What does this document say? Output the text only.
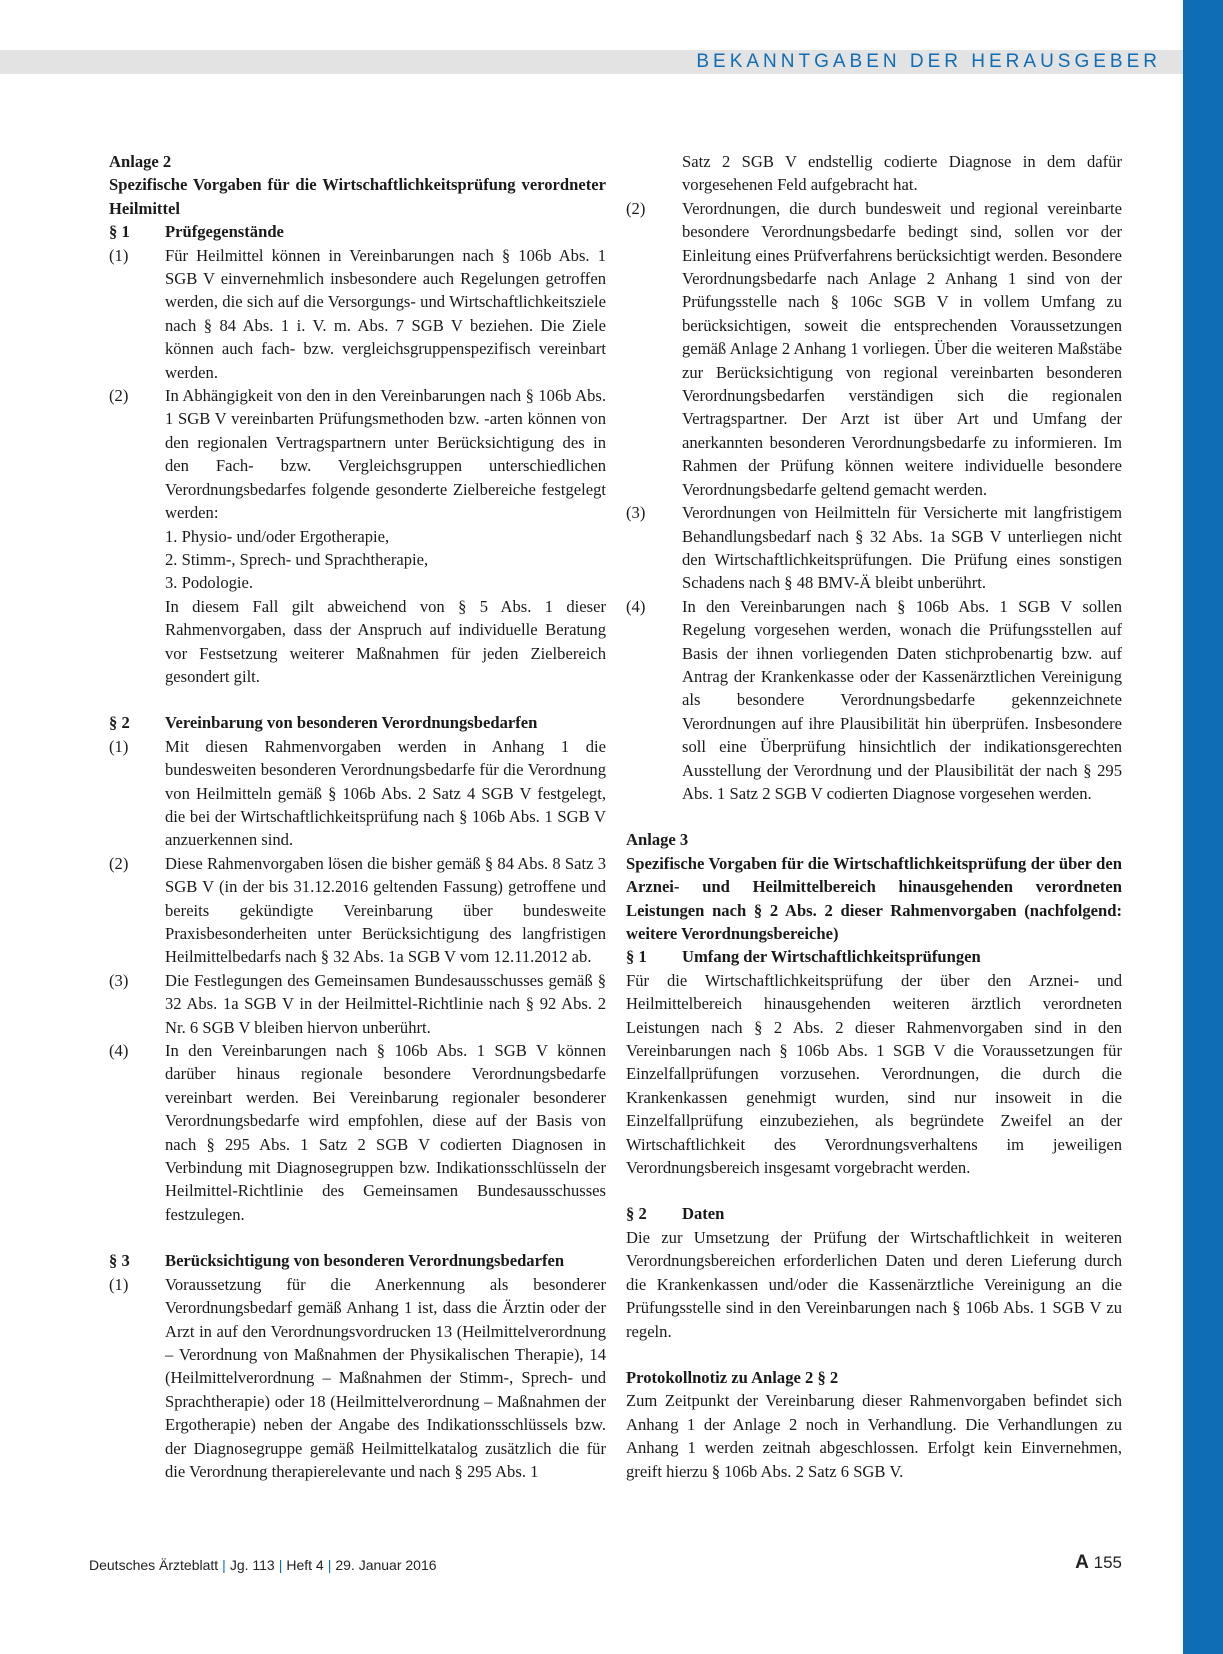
BEKANNTGABEN DER HERAUSGEBER
Anlage 2
Spezifische Vorgaben für die Wirtschaftlichkeitsprüfung verordneter Heilmittel
§ 1	Prüfgegenstände
(1)	Für Heilmittel können in Vereinbarungen nach § 106b Abs. 1 SGB V einvernehmlich insbesondere auch Regelungen getroffen werden, die sich auf die Versorgungs- und Wirtschaftlichkeitsziele nach § 84 Abs. 1 i. V. m. Abs. 7 SGB V beziehen. Die Ziele können auch fach- bzw. vergleichsgruppenspezifisch vereinbart werden.
(2)	In Abhängigkeit von den in den Vereinbarungen nach § 106b Abs. 1 SGB V vereinbarten Prüfungsmethoden bzw. -arten können von den regionalen Vertragspartnern unter Berücksichtigung des in den Fach- bzw. Vergleichsgruppen unterschiedlichen Verordnungsbedarfes folgende gesonderte Zielbereiche festgelegt werden:
1. Physio- und/oder Ergotherapie,
2. Stimm-, Sprech- und Sprachtherapie,
3. Podologie.
In diesem Fall gilt abweichend von § 5 Abs. 1 dieser Rahmenvorgaben, dass der Anspruch auf individuelle Beratung vor Festsetzung weiterer Maßnahmen für jeden Zielbereich gesondert gilt.
§ 2	Vereinbarung von besonderen Verordnungsbedarfen
(1)	Mit diesen Rahmenvorgaben werden in Anhang 1 die bundesweiten besonderen Verordnungsbedarfe für die Verordnung von Heilmitteln gemäß § 106b Abs. 2 Satz 4 SGB V festgelegt, die bei der Wirtschaftlichkeitsprüfung nach § 106b Abs. 1 SGB V anzuerkennen sind.
(2)	Diese Rahmenvorgaben lösen die bisher gemäß § 84 Abs. 8 Satz 3 SGB V (in der bis 31.12.2016 geltenden Fassung) getroffene und bereits gekündigte Vereinbarung über bundesweite Praxisbesonderheiten unter Berücksichtigung des langfristigen Heilmittelbedarfs nach § 32 Abs. 1a SGB V vom 12.11.2012 ab.
(3)	Die Festlegungen des Gemeinsamen Bundesausschusses gemäß § 32 Abs. 1a SGB V in der Heilmittel-Richtlinie nach § 92 Abs. 2 Nr. 6 SGB V bleiben hiervon unberührt.
(4)	In den Vereinbarungen nach § 106b Abs. 1 SGB V können darüber hinaus regionale besondere Verordnungsbedarfe vereinbart werden. Bei Vereinbarung regionaler besonderer Verordnungsbedarfe wird empfohlen, diese auf der Basis von nach § 295 Abs. 1 Satz 2 SGB V codierten Diagnosen in Verbindung mit Diagnosegruppen bzw. Indikationsschlüsseln der Heilmittel-Richtlinie des Gemeinsamen Bundesausschusses festzulegen.
§ 3	Berücksichtigung von besonderen Verordnungsbedarfen
(1)	Voraussetzung für die Anerkennung als besonderer Verordnungsbedarf gemäß Anhang 1 ist, dass die Ärztin oder der Arzt in auf den Verordnungsvordrucken 13 (Heilmittelverordnung – Verordnung von Maßnahmen der Physikalischen Therapie), 14 (Heilmittelverordnung – Maßnahmen der Stimm-, Sprech- und Sprachtherapie) oder 18 (Heilmittelverordnung – Maßnahmen der Ergotherapie) neben der Angabe des Indikationsschlüssels bzw. der Diagnosegruppe gemäß Heilmittelkatalog zusätzlich die für die Verordnung therapierelevante und nach § 295 Abs. 1
Satz 2 SGB V endstellig codierte Diagnose in dem dafür vorgesehenen Feld aufgebracht hat.
(2)	Verordnungen, die durch bundesweit und regional vereinbarte besondere Verordnungsbedarfe bedingt sind, sollen vor der Einleitung eines Prüfverfahrens berücksichtigt werden. Besondere Verordnungsbedarfe nach Anlage 2 Anhang 1 sind von der Prüfungsstelle nach § 106c SGB V in vollem Umfang zu berücksichtigen, soweit die entsprechenden Voraussetzungen gemäß Anlage 2 Anhang 1 vorliegen. Über die weiteren Maßstäbe zur Berücksichtigung von regional vereinbarten besonderen Verordnungsbedarfen verständigen sich die regionalen Vertragspartner. Der Arzt ist über Art und Umfang der anerkannten besonderen Verordnungsbedarfe zu informieren. Im Rahmen der Prüfung können weitere individuelle besondere Verordnungsbedarfe geltend gemacht werden.
(3)	Verordnungen von Heilmitteln für Versicherte mit langfristigem Behandlungsbedarf nach § 32 Abs. 1a SGB V unterliegen nicht den Wirtschaftlichkeitsprüfungen. Die Prüfung eines sonstigen Schadens nach § 48 BMV-Ä bleibt unberührt.
(4)	In den Vereinbarungen nach § 106b Abs. 1 SGB V sollen Regelung vorgesehen werden, wonach die Prüfungsstellen auf Basis der ihnen vorliegenden Daten stichprobenartig bzw. auf Antrag der Krankenkasse oder der Kassenärztlichen Vereinigung als besondere Verordnungsbedarfe gekennzeichnete Verordnungen auf ihre Plausibilität hin überprüfen. Insbesondere soll eine Überprüfung hinsichtlich der indikationsgerechten Ausstellung der Verordnung und der Plausibilität der nach § 295 Abs. 1 Satz 2 SGB V codierten Diagnose vorgesehen werden.
Anlage 3
Spezifische Vorgaben für die Wirtschaftlichkeitsprüfung der über den Arznei- und Heilmittelbereich hinausgehenden verordneten Leistungen nach § 2 Abs. 2 dieser Rahmenvorgaben (nachfolgend: weitere Verordnungsbereiche)
§ 1	Umfang der Wirtschaftlichkeitsprüfungen
Für die Wirtschaftlichkeitsprüfung der über den Arznei- und Heilmittelbereich hinausgehenden weiteren ärztlich verordneten Leistungen nach § 2 Abs. 2 dieser Rahmenvorgaben sind in den Vereinbarungen nach § 106b Abs. 1 SGB V die Voraussetzungen für Einzelfallprüfungen vorzusehen. Verordnungen, die durch die Krankenkassen genehmigt wurden, sind nur insoweit in die Einzelfallprüfung einzubeziehen, als begründete Zweifel an der Wirtschaftlichkeit des Verordnungsverhaltens im jeweiligen Verordnungsbereich insgesamt vorgebracht werden.
§ 2	Daten
Die zur Umsetzung der Prüfung der Wirtschaftlichkeit in weiteren Verordnungsbereichen erforderlichen Daten und deren Lieferung durch die Krankenkassen und/oder die Kassenärztliche Vereinigung an die Prüfungsstelle sind in den Vereinbarungen nach § 106b Abs. 1 SGB V zu regeln.
Protokollnotiz zu Anlage 2 § 2
Zum Zeitpunkt der Vereinbarung dieser Rahmenvorgaben befindet sich Anhang 1 der Anlage 2 noch in Verhandlung. Die Verhandlungen zu Anhang 1 werden zeitnah abgeschlossen. Erfolgt kein Einvernehmen, greift hierzu § 106b Abs. 2 Satz 6 SGB V.
Deutsches Ärzteblatt | Jg. 113 | Heft 4 | 29. Januar 2016	A 155
